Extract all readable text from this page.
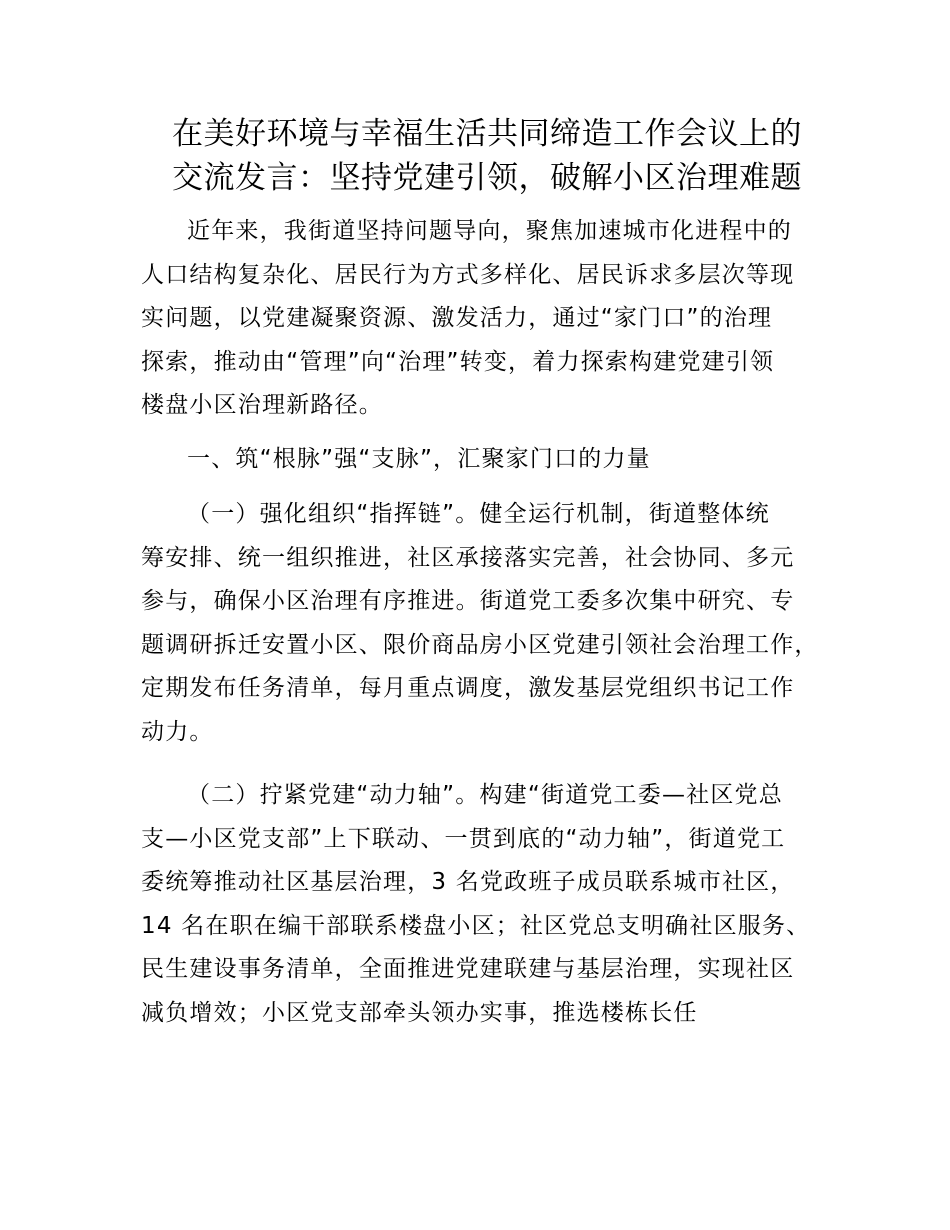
在美好环境与幸福生活共同缔造工作会议上的
交流发言：坚持党建引领，破解小区治理难题

近年来，我街道坚持问题导向，聚焦加速城市化进程中的
人口结构复杂化、居民行为方式多样化、居民诉求多层次等现
实问题，以党建凝聚资源、激发活力，通过“家门口”的治理
探索，推动由“管理”向“治理”转变，着力探索构建党建引领
楼盘小区治理新路径。

一、筑“根脉”强“支脉”，汇聚家门口的力量

（一）强化组织“指挥链”。健全运行机制，街道整体统
筹安排、统一组织推进，社区承接落实完善，社会协同、多元
参与，确保小区治理有序推进。街道党工委多次集中研究、专
题调研拆迁安置小区、限价商品房小区党建引领社会治理工作，
定期发布任务清单，每月重点调度，激发基层党组织书记工作
动力。

（二）拧紧党建“动力轴”。构建“街道党工委—社区党总
支—小区党支部”上下联动、一贯到底的“动力轴”，街道党工
委统筹推动社区基层治理，3 名党政班子成员联系城市社区，
14 名在职在编干部联系楼盘小区；社区党总支明确社区服务、
民生建设事务清单，全面推进党建联建与基层治理，实现社区
减负增效；小区党支部牵头领办实事，推选楼栋长任
